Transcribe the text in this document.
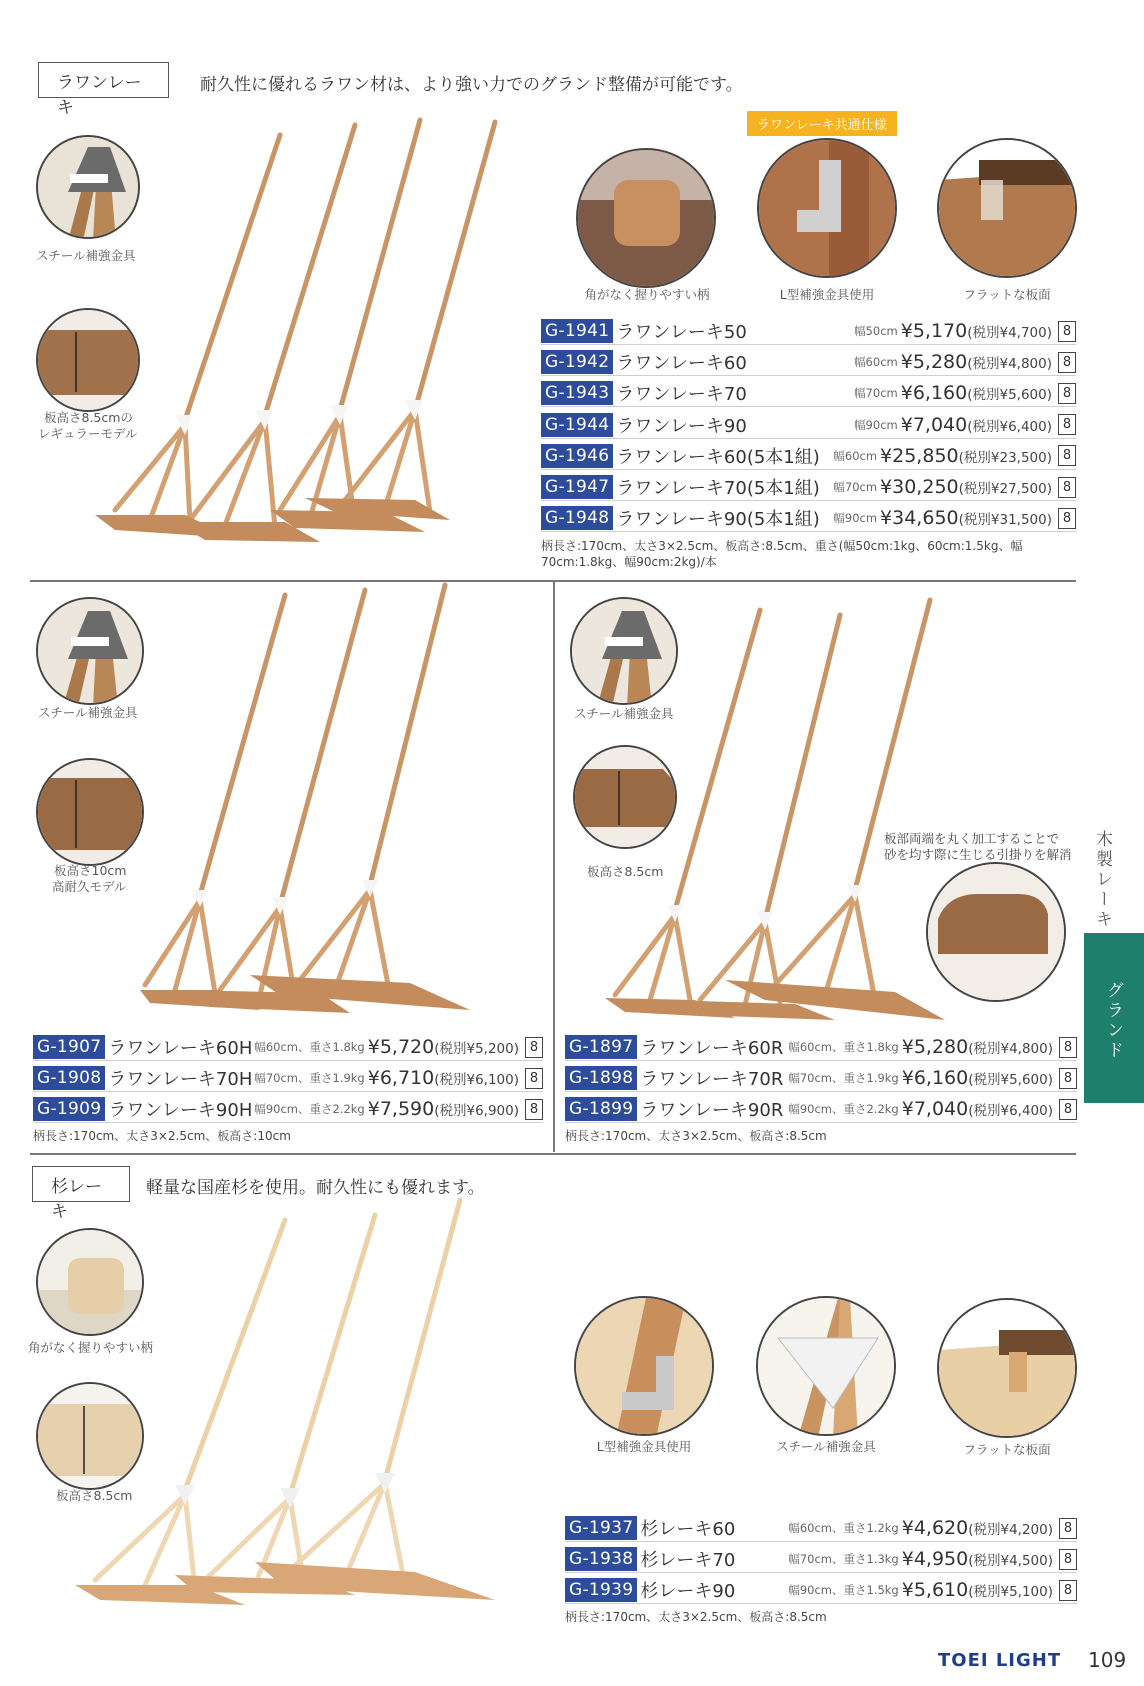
ラワンレーキ
耐久性に優れるラワン材は、より強い力でのグランド整備が可能です。
スチール補強金具
板高さ8.5cmの
レギュラーモデル
ラワンレーキ共通仕様
角がなく握りやすい柄	L型補強金具使用	フラットな板面
G-1941 ラワンレーキ50	幅50cm ¥5,170 (税別¥4,700) 8
G-1942 ラワンレーキ60	幅60cm ¥5,280 (税別¥4,800) 8
G-1943 ラワンレーキ70	幅70cm ¥6,160 (税別¥5,600) 8
G-1944 ラワンレーキ90	幅90cm ¥7,040 (税別¥6,400) 8
G-1946 ラワンレーキ60(5本1組) 幅60cm ¥25,850 (税別¥23,500) 8
G-1947 ラワンレーキ70(5本1組) 幅70cm ¥30,250 (税別¥27,500) 8
G-1948 ラワンレーキ90(5本1組) 幅90cm ¥34,650 (税別¥31,500) 8
柄長さ:170cm、太さ3×2.5cm、板高さ:8.5cm、重さ(幅50cm:1kg、60cm:1.5kg、幅
70cm:1.8kg、幅90cm:2kg)/本
スチール補強金具
板高さ10cm
高耐久モデル
G-1907 ラワンレーキ60H 幅60cm、重さ1.8kg ¥5,720 (税別¥5,200) 8
G-1908 ラワンレーキ70H 幅70cm、重さ1.9kg ¥6,710 (税別¥6,100) 8
G-1909 ラワンレーキ90H 幅90cm、重さ2.2kg ¥7,590 (税別¥6,900) 8
柄長さ:170cm、太さ3×2.5cm、板高さ:10cm
スチール補強金具
板高さ8.5cm
板部両端を丸く加工することで
砂を均す際に生じる引掛りを解消
G-1897 ラワンレーキ60R 幅60cm、重さ1.8kg ¥5,280 (税別¥4,800) 8
G-1898 ラワンレーキ70R 幅70cm、重さ1.9kg ¥6,160 (税別¥5,600) 8
G-1899 ラワンレーキ90R 幅90cm、重さ2.2kg ¥7,040 (税別¥6,400) 8
柄長さ:170cm、太さ3×2.5cm、板高さ:8.5cm
杉レーキ
軽量な国産杉を使用。耐久性にも優れます。
角がなく握りやすい柄
板高さ8.5cm
L型補強金具使用	スチール補強金具	フラットな板面
G-1937 杉レーキ60	幅60cm、重さ1.2kg ¥4,620 (税別¥4,200) 8
G-1938 杉レーキ70	幅70cm、重さ1.3kg ¥4,950 (税別¥4,500) 8
G-1939 杉レーキ90	幅90cm、重さ1.5kg ¥5,610 (税別¥5,100) 8
柄長さ:170cm、太さ3×2.5cm、板高さ:8.5cm
木製レーキ
グランド
TOEI LIGHT 109
